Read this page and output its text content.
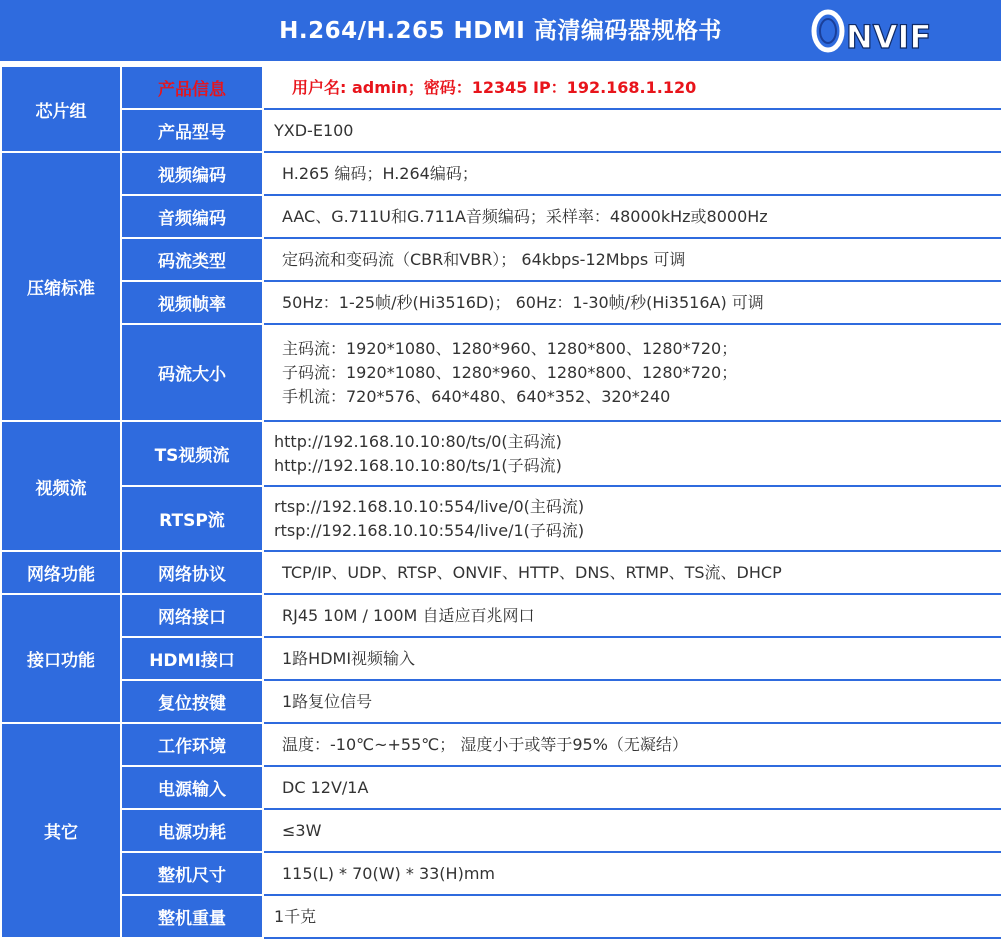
H.264/H.265 HDMI 高清编码器规格书	NVIF
芯片组	产品信息	用户名: admin；密码：12345 IP：192.168.1.120

	产品型号	YXD-E100

压缩标准	视频编码	H.265 编码；H.264编码；

	音频编码	AAC、G.711U和G.711A音频编码；采样率：48000kHz或8000Hz

	码流类型	定码流和变码流（CBR和VBR）； 64kbps-12Mbps 可调

	视频帧率	50Hz：1-25帧/秒(Hi3516D)； 60Hz：1-30帧/秒(Hi3516A) 可调

	码流大小	主码流：1920*1080、1280*960、1280*800、1280*720；
子码流：1920*1080、1280*960、1280*800、1280*720；
手机流：720*576、640*480、640*352、320*240

视频流	TS视频流	http://192.168.10.10:80/ts/0(主码流)
http://192.168.10.10:80/ts/1(子码流)

	RTSP流	rtsp://192.168.10.10:554/live/0(主码流)
rtsp://192.168.10.10:554/live/1(子码流)

网络功能	网络协议	TCP/IP、UDP、RTSP、ONVIF、HTTP、DNS、RTMP、TS流、DHCP

接口功能	网络接口	RJ45 10M / 100M 自适应百兆网口

	HDMI接口	1路HDMI视频输入

	复位按键	1路复位信号

其它	工作环境	温度：-10℃~+55℃； 湿度小于或等于95%（无凝结）

	电源输入	DC 12V/1A

	电源功耗	≤3W

	整机尺寸	115(L) * 70(W) * 33(H)mm

	整机重量	1千克
